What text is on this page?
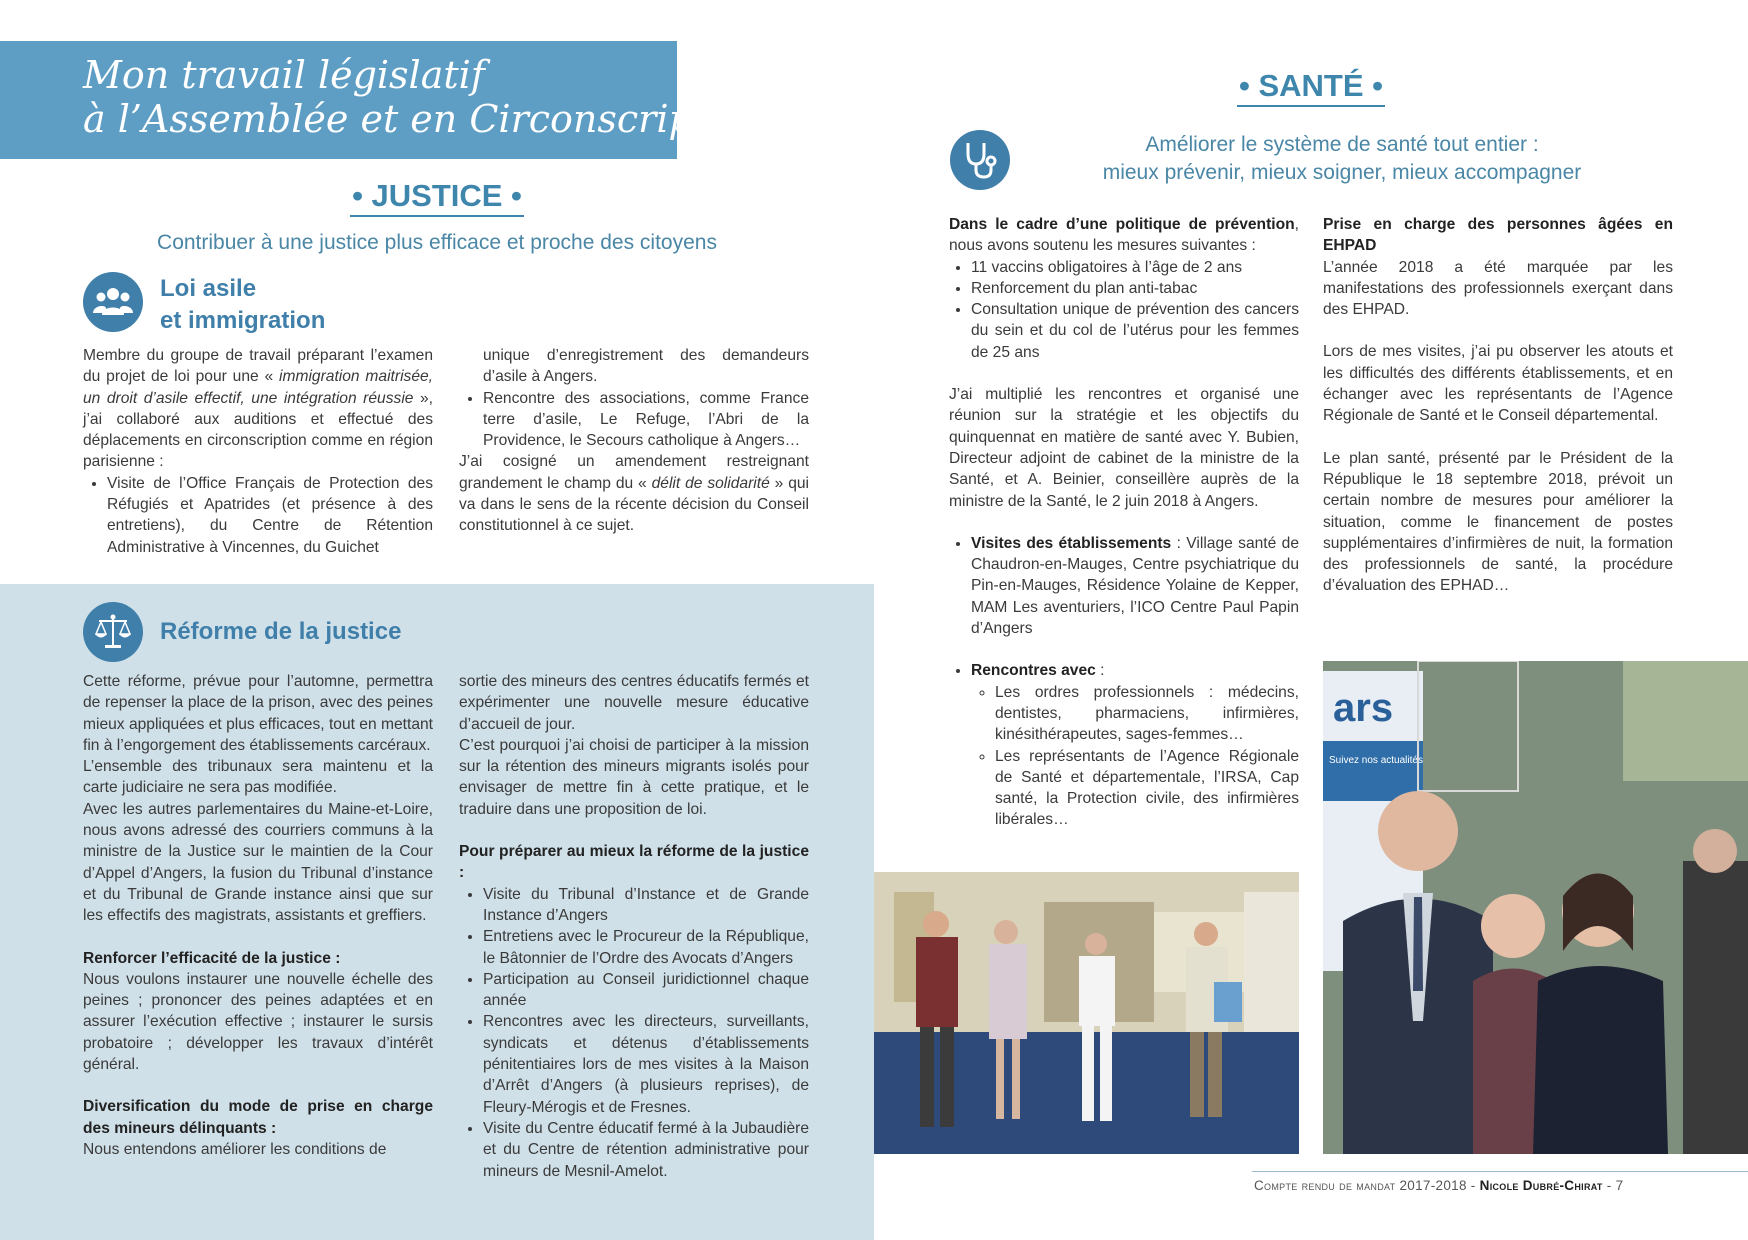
Mon travail législatif
à l’Assemblée et en Circonscription
• JUSTICE •
Contribuer à une justice plus efficace et proche des citoyens
Loi asile
et immigration

Membre du groupe de travail préparant l’examen du projet de loi pour une « immigration maitrisée, un droit d’asile effectif, une intégration réussie », j’ai collaboré aux auditions et effectué des déplacements en circonscription comme en région parisienne :

• Visite de l’Office Français de Protection des Réfugiés et Apatrides (et présence à des entretiens), du Centre de Rétention Administrative à Vincennes, du Guichet

unique d’enregistrement des demandeurs d’asile à Angers.

• Rencontre des associations, comme France terre d’asile, Le Refuge, l’Abri de la Providence, le Secours catholique à Angers…

J’ai cosigné un amendement restreignant grandement le champ du « délit de solidarité » qui va dans le sens de la récente décision du Conseil constitutionnel à ce sujet.

Réforme de la justice

Cette réforme, prévue pour l’automne, permettra de repenser la place de la prison, avec des peines mieux appliquées et plus efficaces, tout en mettant fin à l’engorgement des établissements carcéraux.

L’ensemble des tribunaux sera maintenu et la carte judiciaire ne sera pas modifiée.

Avec les autres parlementaires du Maine-et-Loire, nous avons adressé des courriers communs à la ministre de la Justice sur le maintien de la Cour d’Appel d’Angers, la fusion du Tribunal d’instance et du Tribunal de Grande instance ainsi que sur les effectifs des magistrats, assistants et greffiers.

Renforcer l’efficacité de la justice :

Nous voulons instaurer une nouvelle échelle des peines ; prononcer des peines adaptées et en assurer l’exécution effective ; instaurer le sursis probatoire ; développer les travaux d’intérêt général.

Diversification du mode de prise en charge des mineurs délinquants :

Nous entendons améliorer les conditions de

sortie des mineurs des centres éducatifs fermés et expérimenter une nouvelle mesure éducative d’accueil de jour.

C’est pourquoi j’ai choisi de participer à la mission sur la rétention des mineurs migrants isolés pour envisager de mettre fin à cette pratique, et le traduire dans une proposition de loi.

Pour préparer au mieux la réforme de la justice :

• Visite du Tribunal d’Instance et de Grande Instance d’Angers
• Entretiens avec le Procureur de la République, le Bâtonnier de l’Ordre des Avocats d’Angers
• Participation au Conseil juridictionnel chaque année
• Rencontres avec les directeurs, surveillants, syndicats et détenus d’établissements pénitentiaires lors de mes visites à la Maison d’Arrêt d’Angers (à plusieurs reprises), de Fleury-Mérogis et de Fresnes.
• Visite du Centre éducatif fermé à la Jubaudière et du Centre de rétention administrative pour mineurs de Mesnil-Amelot.
• SANTÉ •
Améliorer le système de santé tout entier :
mieux prévenir, mieux soigner, mieux accompagner

Dans le cadre d’une politique de prévention, nous avons soutenu les mesures suivantes :

• 11 vaccins obligatoires à l’âge de 2 ans
• Renforcement du plan anti-tabac
• Consultation unique de prévention des cancers du sein et du col de l’utérus pour les femmes de 25 ans

J’ai multiplié les rencontres et organisé une réunion sur la stratégie et les objectifs du quinquennat en matière de santé avec Y. Bubien, Directeur adjoint de cabinet de la ministre de la Santé, et A. Beinier, conseillère auprès de la ministre de la Santé, le 2 juin 2018 à Angers.

• Visites des établissements : Village santé de Chaudron-en-Mauges, Centre psychiatrique du Pin-en-Mauges, Résidence Yolaine de Kepper, MAM Les aventuriers, l’ICO Centre Paul Papin d’Angers
• Rencontres avec :
◦ Les ordres professionnels : médecins, dentistes, pharmaciens, infirmières, kinésithérapeutes, sages-femmes…
◦ Les représentants de l’Agence Régionale de Santé et départementale, l’IRSA, Cap santé, la Protection civile, des infirmières libérales…

Prise en charge des personnes âgées en EHPAD

L’année 2018 a été marquée par les manifestations des professionnels exerçant dans des EHPAD.

Lors de mes visites, j’ai pu observer les atouts et les difficultés des différents établissements, et en échanger avec les représentants de l’Agence Régionale de Santé et le Conseil départemental.

Le plan santé, présenté par le Président de la République le 18 septembre 2018, prévoit un certain nombre de mesures pour améliorer la situation, comme le financement de postes supplémentaires d’infirmières de nuit, la formation des professionnels de santé, la procédure d’évaluation des EPHAD…

ars
Suivez nos actualités
Compte rendu de mandat 2017-2018 - Nicole Dubré-Chirat - 7
